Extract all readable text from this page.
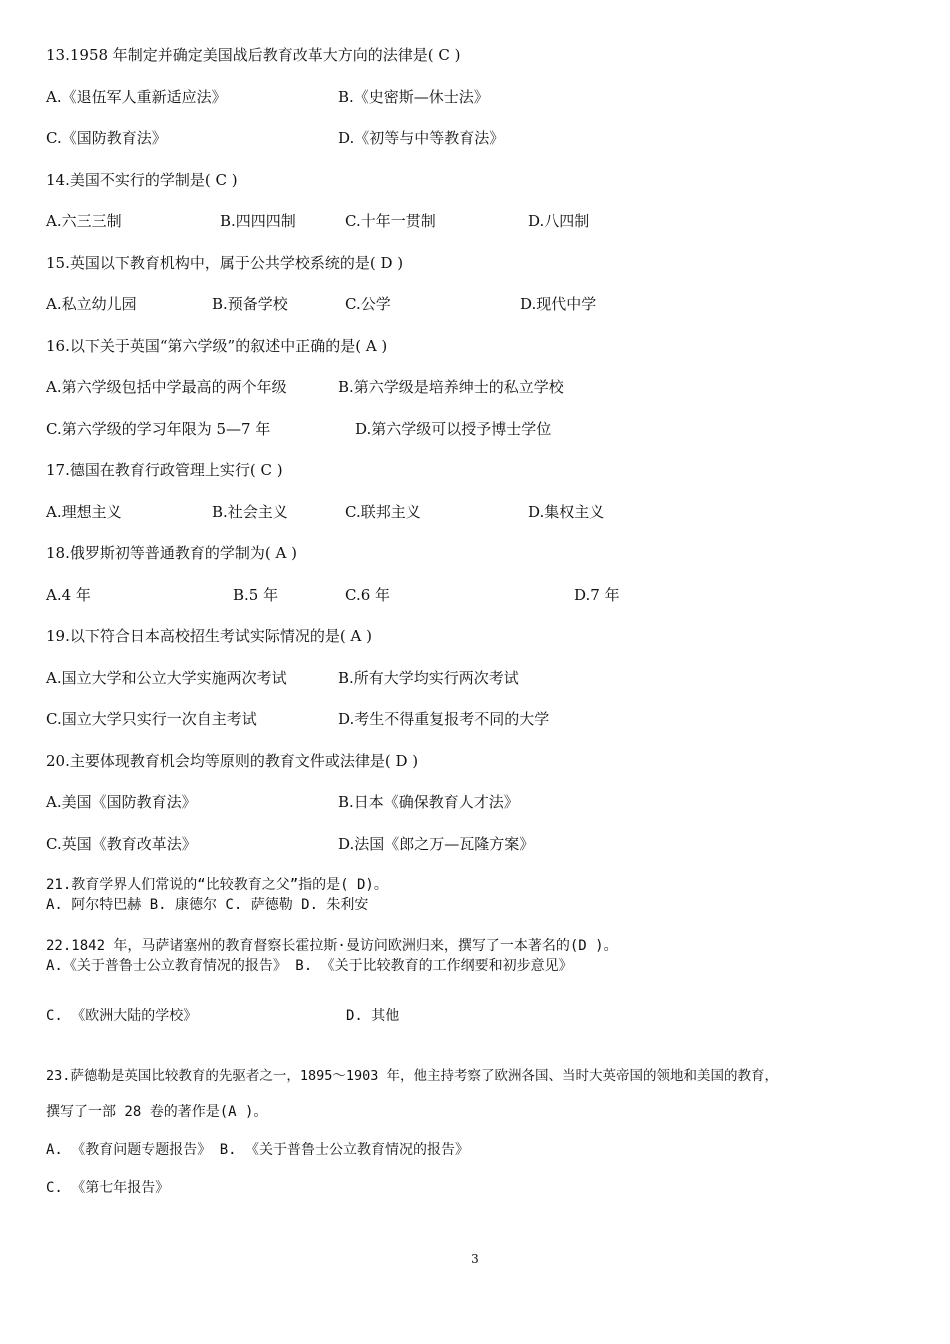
13.1958 年制定并确定美国战后教育改革大方向的法律是( C )
A.《退伍军人重新适应法》	B.《史密斯—休士法》
C.《国防教育法》	D.《初等与中等教育法》
14.美国不实行的学制是( C )
A.六三三制	B.四四四制	C.十年一贯制	D.八四制
15.英国以下教育机构中，属于公共学校系统的是( D )
A.私立幼儿园	B.预备学校	C.公学	D.现代中学
16.以下关于英国“第六学级”的叙述中正确的是( A )
A.第六学级包括中学最高的两个年级	B.第六学级是培养绅士的私立学校
C.第六学级的学习年限为 5—7 年	D.第六学级可以授予博士学位
17.德国在教育行政管理上实行( C )
A.理想主义	B.社会主义	C.联邦主义	D.集权主义
18.俄罗斯初等普通教育的学制为( A )
A.4 年	B.5 年	C.6 年	D.7 年
19.以下符合日本高校招生考试实际情况的是( A )
A.国立大学和公立大学实施两次考试	B.所有大学均实行两次考试
C.国立大学只实行一次自主考试	D.考生不得重复报考不同的大学
20.主要体现教育机会均等原则的教育文件或法律是( D )
A.美国《国防教育法》	B.日本《确保教育人才法》
C.英国《教育改革法》	D.法国《郎之万—瓦隆方案》
21.教育学界人们常说的“比较教育之父”指的是( D)。
A. 阿尔特巴赫 B. 康德尔 C. 萨德勒 D. 朱利安
22.1842 年，马萨诸塞州的教育督察长霍拉斯·曼访问欧洲归来，撰写了一本著名的(D )。
A.《关于普鲁士公立教育情况的报告》 B. 《关于比较教育的工作纲要和初步意见》
C. 《欧洲大陆的学校》	D. 其他
23.萨德勒是英国比较教育的先驱者之一，1895～1903 年，他主持考察了欧洲各国、当时大英帝国的领地和美国的教育，
撰写了一部 28 卷的著作是(A )。
A. 《教育问题专题报告》 B. 《关于普鲁士公立教育情况的报告》
C. 《第七年报告》
3
